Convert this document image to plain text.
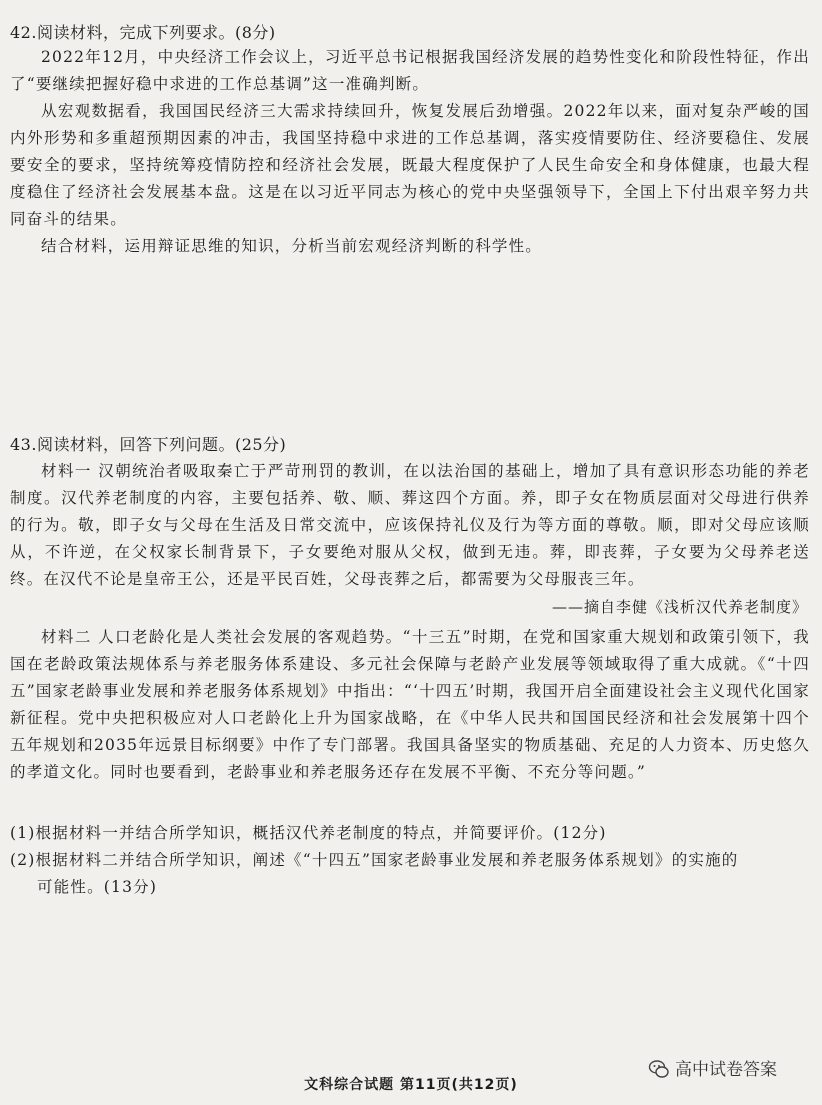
42.阅读材料，完成下列要求。(8分)

2022年12月，中央经济工作会议上，习近平总书记根据我国经济发展的趋势性变化和阶段性特征，作出了“要继续把握好稳中求进的工作总基调”这一准确判断。

从宏观数据看，我国国民经济三大需求持续回升，恢复发展后劲增强。2022年以来，面对复杂严峻的国内外形势和多重超预期因素的冲击，我国坚持稳中求进的工作总基调，落实疫情要防住、经济要稳住、发展要安全的要求，坚持统筹疫情防控和经济社会发展，既最大程度保护了人民生命安全和身体健康，也最大程度稳住了经济社会发展基本盘。这是在以习近平同志为核心的党中央坚强领导下，全国上下付出艰辛努力共同奋斗的结果。

结合材料，运用辩证思维的知识，分析当前宏观经济判断的科学性。

43.阅读材料，回答下列问题。(25分)

材料一 汉朝统治者吸取秦亡于严苛刑罚的教训，在以法治国的基础上，增加了具有意识形态功能的养老制度。汉代养老制度的内容，主要包括养、敬、顺、葬这四个方面。养，即子女在物质层面对父母进行供养的行为。敬，即子女与父母在生活及日常交流中，应该保持礼仪及行为等方面的尊敬。顺，即对父母应该顺从，不许逆，在父权家长制背景下，子女要绝对服从父权，做到无违。葬，即丧葬，子女要为父母养老送终。在汉代不论是皇帝王公，还是平民百姓，父母丧葬之后，都需要为父母服丧三年。

——摘自李健《浅析汉代养老制度》

材料二 人口老龄化是人类社会发展的客观趋势。“十三五”时期，在党和国家重大规划和政策引领下，我国在老龄政策法规体系与养老服务体系建设、多元社会保障与老龄产业发展等领域取得了重大成就。《“十四五”国家老龄事业发展和养老服务体系规划》中指出：“‘十四五’时期，我国开启全面建设社会主义现代化国家新征程。党中央把积极应对人口老龄化上升为国家战略，在《中华人民共和国国民经济和社会发展第十四个五年规划和2035年远景目标纲要》中作了专门部署。我国具备坚实的物质基础、充足的人力资本、历史悠久的孝道文化。同时也要看到，老龄事业和养老服务还存在发展不平衡、不充分等问题。”

(1)根据材料一并结合所学知识，概括汉代养老制度的特点，并简要评价。(12分)
(2)根据材料二并结合所学知识，阐述《“十四五”国家老龄事业发展和养老服务体系规划》的实施的
可能性。(13分)
高中试卷答案
文科综合试题 第11页(共12页)
